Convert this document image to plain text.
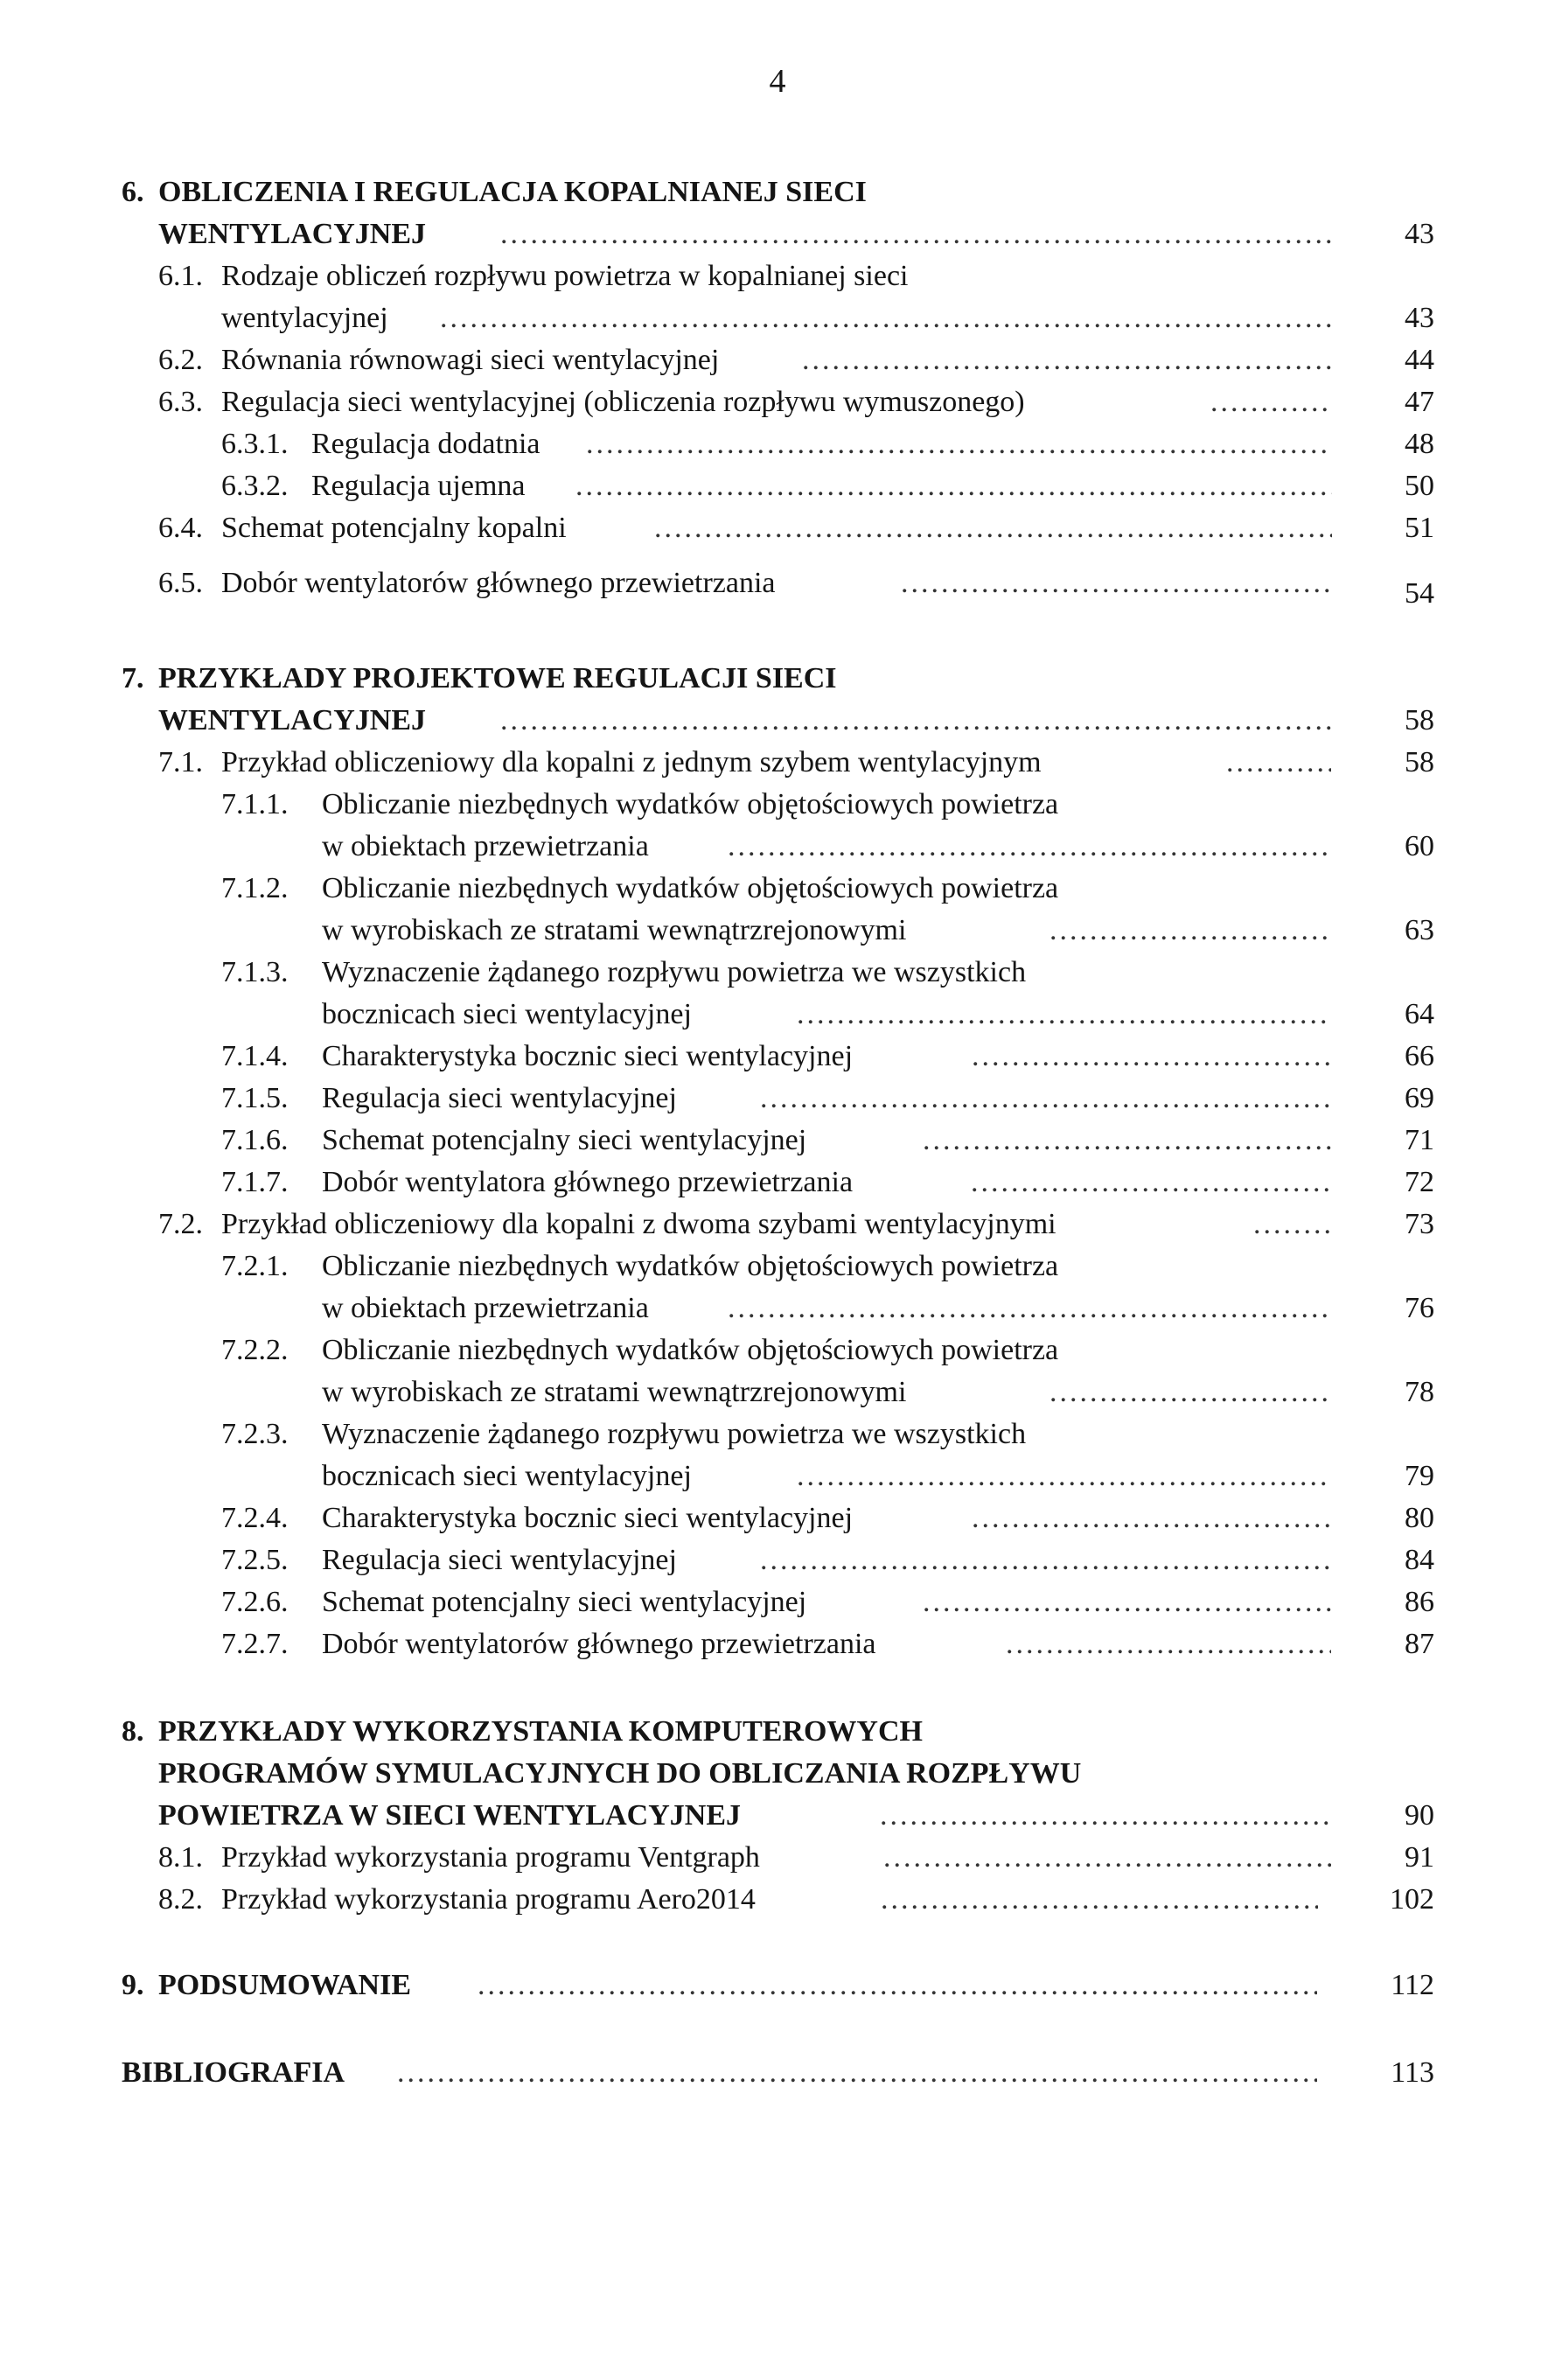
4
6. OBLICZENIA I REGULACJA KOPALNIANEJ SIECI
WENTYLACYJNEJ .....	43
6.1. Rodzaje obliczeń rozpływu powietrza w kopalnianej sieci
wentylacyjnej .....	43
6.2. Równania równowagi sieci wentylacyjnej .....	44
6.3. Regulacja sieci wentylacyjnej (obliczenia rozpływu wymuszonego) .....	47
6.3.1. Regulacja dodatnia .....	48
6.3.2. Regulacja ujemna .....	50
6.4. Schemat potencjalny kopalni .....	51
6.5. Dobór wentylatorów głównego przewietrzania .....	54
7. PRZYKŁADY PROJEKTOWE REGULACJI SIECI
WENTYLACYJNEJ .....	58
7.1. Przykład obliczeniowy dla kopalni z jednym szybem wentylacyjnym .....	58
7.1.1. Obliczanie niezbędnych wydatków objętościowych powietrza
w obiektach przewietrzania .....	60
7.1.2. Obliczanie niezbędnych wydatków objętościowych powietrza
w wyrobiskach ze stratami wewnątrzrejonowymi .....	63
7.1.3. Wyznaczenie żądanego rozpływu powietrza we wszystkich
bocznicach sieci wentylacyjnej .....	64
7.1.4. Charakterystyka bocznic sieci wentylacyjnej .....	66
7.1.5. Regulacja sieci wentylacyjnej .....	69
7.1.6. Schemat potencjalny sieci wentylacyjnej .....	71
7.1.7. Dobór wentylatora głównego przewietrzania .....	72
7.2. Przykład obliczeniowy dla kopalni z dwoma szybami wentylacyjnymi .....	73
7.2.1. Obliczanie niezbędnych wydatków objętościowych powietrza
w obiektach przewietrzania .....	76
7.2.2. Obliczanie niezbędnych wydatków objętościowych powietrza
w wyrobiskach ze stratami wewnątrzrejonowymi .....	78
7.2.3. Wyznaczenie żądanego rozpływu powietrza we wszystkich
bocznicach sieci wentylacyjnej .....	79
7.2.4. Charakterystyka bocznic sieci wentylacyjnej .....	80
7.2.5. Regulacja sieci wentylacyjnej .....	84
7.2.6. Schemat potencjalny sieci wentylacyjnej .....	86
7.2.7. Dobór wentylatorów głównego przewietrzania .....	87
8. PRZYKŁADY WYKORZYSTANIA KOMPUTEROWYCH
PROGRAMÓW SYMULACYJNYCH DO OBLICZANIA ROZPŁYWU
POWIETRZA W SIECI WENTYLACYJNEJ .....	90
8.1. Przykład wykorzystania programu Ventgraph .....	91
8.2. Przykład wykorzystania programu Aero2014 .....	102
9. PODSUMOWANIE .....	112
BIBLIOGRAFIA .....	113
